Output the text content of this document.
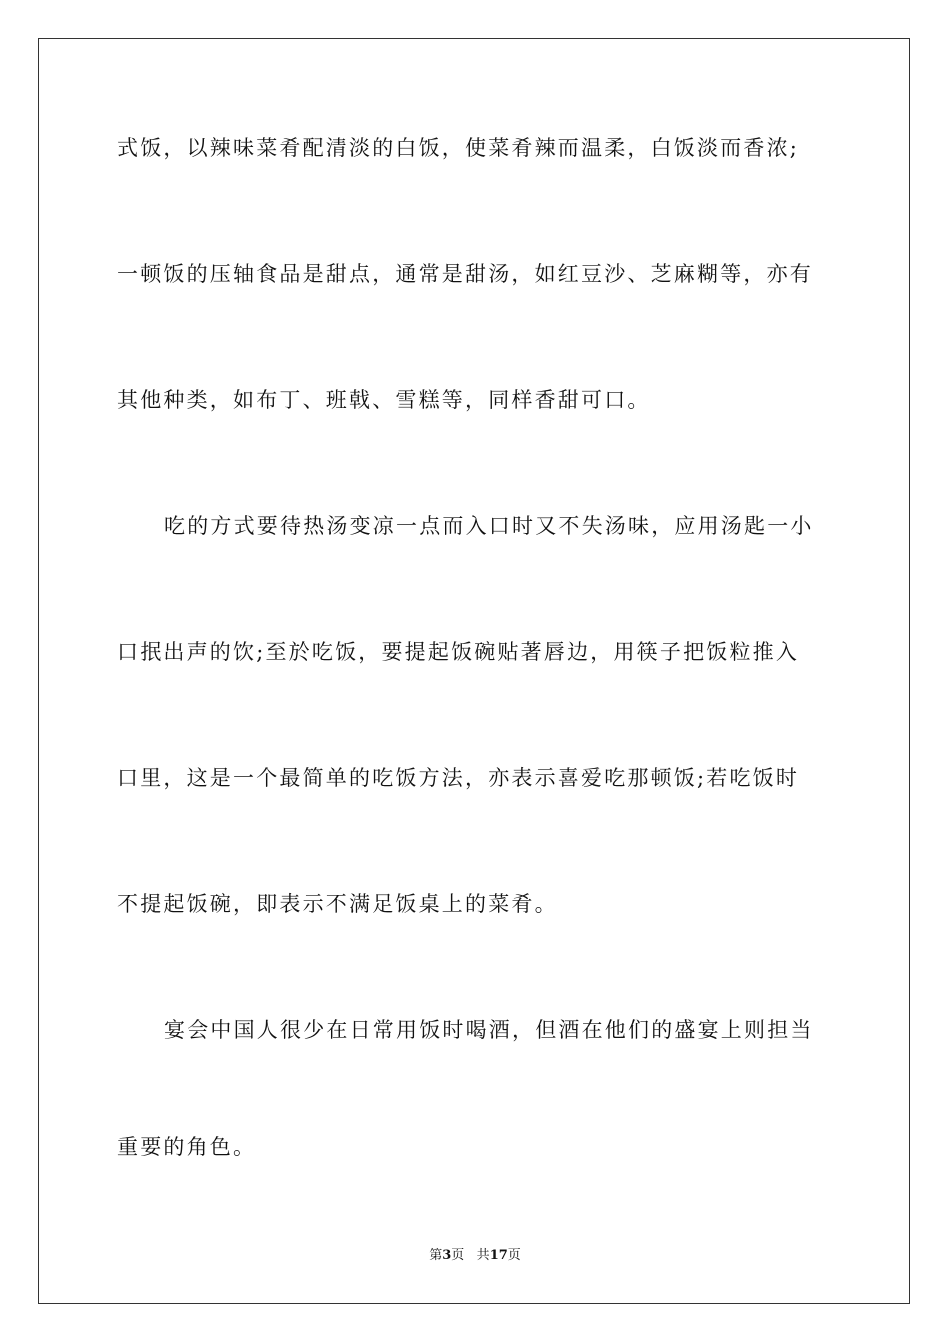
式饭，以辣味菜肴配清淡的白饭，使菜肴辣而温柔，白饭淡而香浓;
一顿饭的压轴食品是甜点，通常是甜汤，如红豆沙、芝麻糊等，亦有
其他种类，如布丁、班戟、雪糕等，同样香甜可口。
吃的方式要待热汤变凉一点而入口时又不失汤味，应用汤匙一小
口抿出声的饮;至於吃饭，要提起饭碗贴著唇边，用筷子把饭粒推入
口里，这是一个最简单的吃饭方法，亦表示喜爱吃那顿饭;若吃饭时
不提起饭碗，即表示不满足饭桌上的菜肴。
宴会中国人很少在日常用饭时喝酒，但酒在他们的盛宴上则担当
重要的角色。
第3页 共17页
